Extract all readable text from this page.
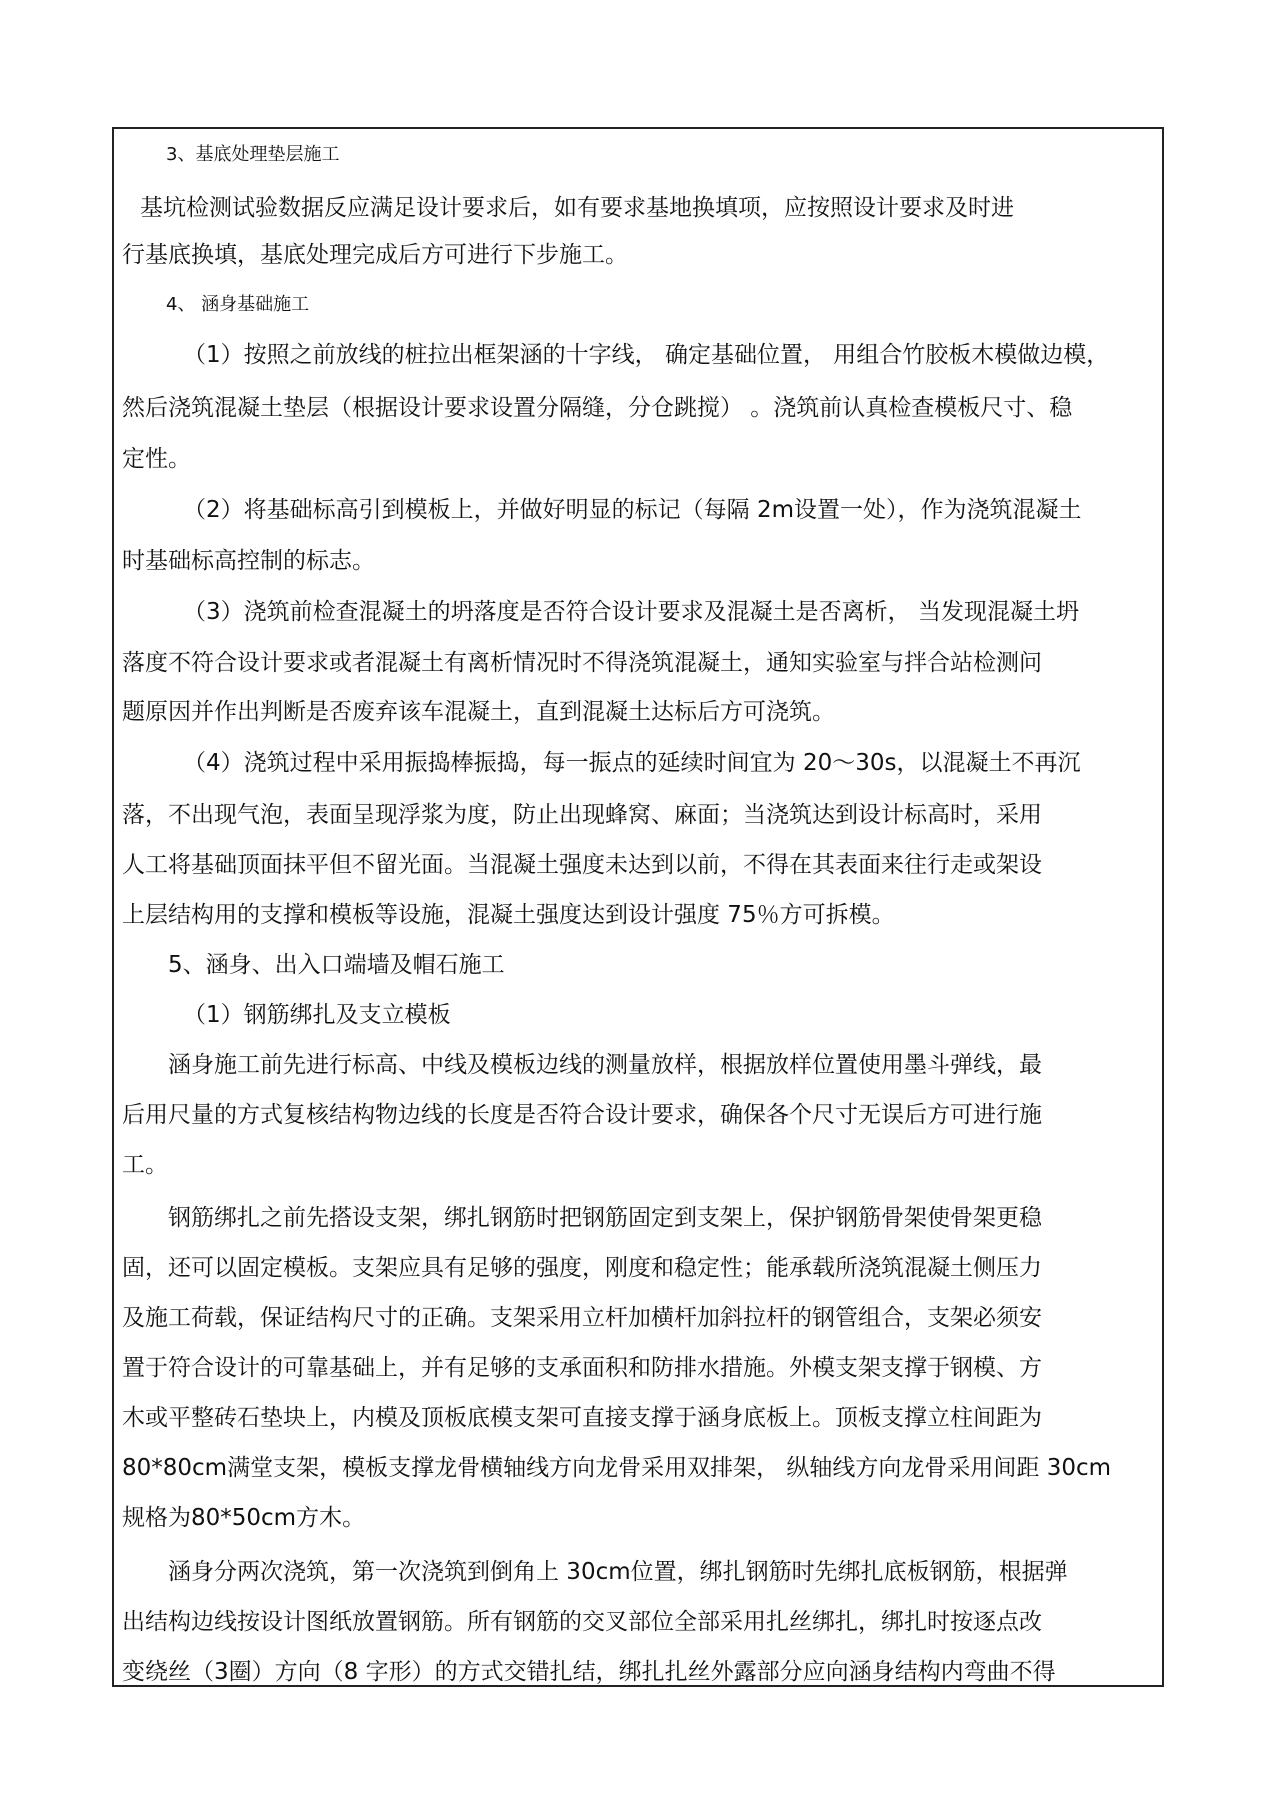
3、基底处理垫层施工
基坑检测试验数据反应满足设计要求后，如有要求基地换填项，应按照设计要求及时进
行基底换填，基底处理完成后方可进行下步施工。
4、 涵身基础施工
（1）按照之前放线的桩拉出框架涵的十字线， 确定基础位置， 用组合竹胶板木模做边模，
然后浇筑混凝土垫层（根据设计要求设置分隔缝，分仓跳搅） 。浇筑前认真检查模板尺寸、稳
定性。
（2）将基础标高引到模板上，并做好明显的标记（每隔 2m设置一处），作为浇筑混凝土
时基础标高控制的标志。
（3）浇筑前检查混凝土的坍落度是否符合设计要求及混凝土是否离析， 当发现混凝土坍
落度不符合设计要求或者混凝土有离析情况时不得浇筑混凝土，通知实验室与拌合站检测问
题原因并作出判断是否废弃该车混凝土，直到混凝土达标后方可浇筑。
（4）浇筑过程中采用振捣棒振捣，每一振点的延续时间宜为 20～30s，以混凝土不再沉
落，不出现气泡，表面呈现浮浆为度，防止出现蜂窝、麻面；当浇筑达到设计标高时，采用
人工将基础顶面抹平但不留光面。当混凝土强度未达到以前，不得在其表面来往行走或架设
上层结构用的支撑和模板等设施，混凝土强度达到设计强度 75％方可拆模。
5、涵身、出入口端墙及帽石施工
（1）钢筋绑扎及支立模板
涵身施工前先进行标高、中线及模板边线的测量放样，根据放样位置使用墨斗弹线，最
后用尺量的方式复核结构物边线的长度是否符合设计要求，确保各个尺寸无误后方可进行施
工。
钢筋绑扎之前先搭设支架，绑扎钢筋时把钢筋固定到支架上，保护钢筋骨架使骨架更稳
固，还可以固定模板。支架应具有足够的强度，刚度和稳定性；能承载所浇筑混凝土侧压力
及施工荷载，保证结构尺寸的正确。支架采用立杆加横杆加斜拉杆的钢管组合，支架必须安
置于符合设计的可靠基础上，并有足够的支承面积和防排水措施。外模支架支撑于钢模、方
木或平整砖石垫块上，内模及顶板底模支架可直接支撑于涵身底板上。顶板支撑立柱间距为
80*80cm满堂支架，模板支撑龙骨横轴线方向龙骨采用双排架， 纵轴线方向龙骨采用间距 30cm
规格为80*50cm方木。
涵身分两次浇筑，第一次浇筑到倒角上 30cm位置，绑扎钢筋时先绑扎底板钢筋，根据弹
出结构边线按设计图纸放置钢筋。所有钢筋的交叉部位全部采用扎丝绑扎，绑扎时按逐点改
变绕丝（3圈）方向（8 字形）的方式交错扎结，绑扎扎丝外露部分应向涵身结构内弯曲不得
